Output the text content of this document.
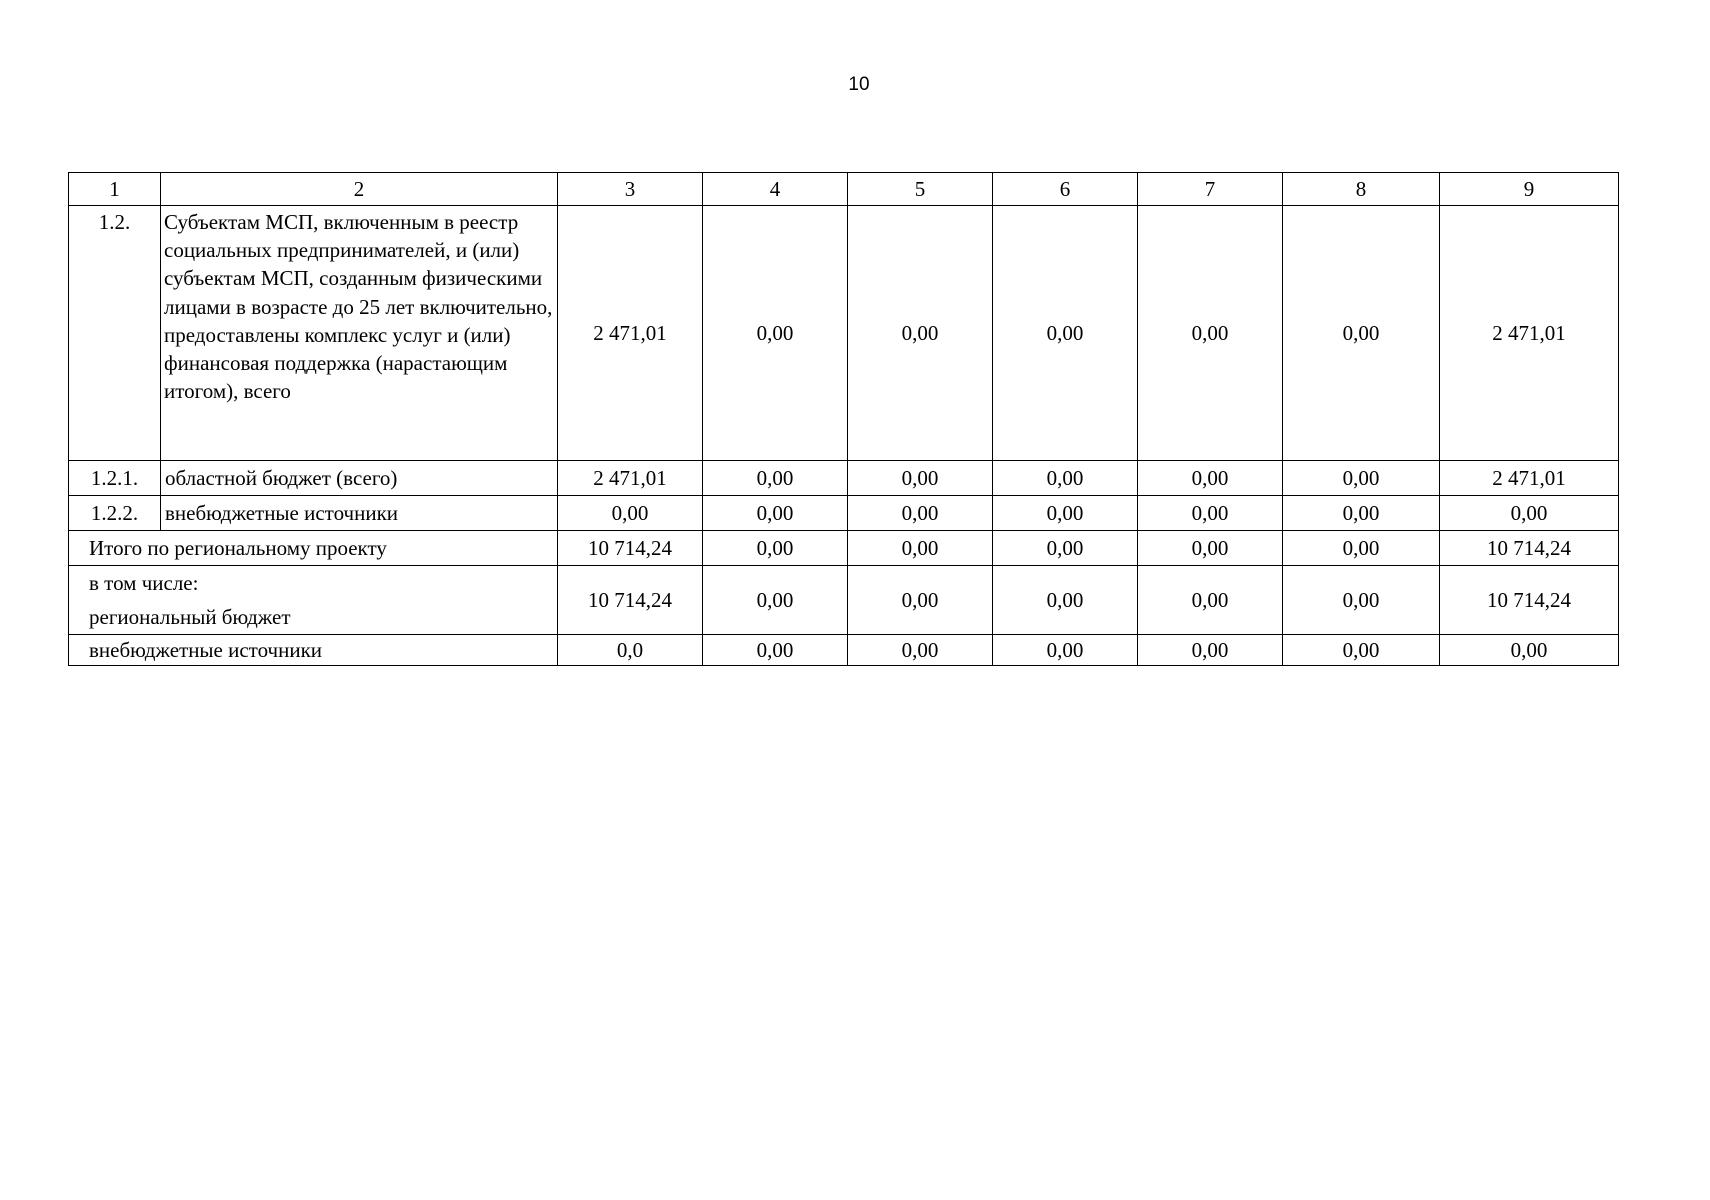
10
1	2	3	4	5	6	7	8	9
1.2.	Субъектам МСП, включенным в реестр социальных предпринимателей, и (или) субъектам МСП, созданным физическими лицами в возрасте до 25 лет включительно, предоставлены комплекс услуг и (или) финансовая поддержка (нарастающим итогом), всего	2 471,01	0,00	0,00	0,00	0,00	0,00	2 471,01
1.2.1.	областной бюджет (всего)	2 471,01	0,00	0,00	0,00	0,00	0,00	2 471,01
1.2.2.	внебюджетные источники	0,00	0,00	0,00	0,00	0,00	0,00	0,00
Итого по региональному проекту		10 714,24	0,00	0,00	0,00	0,00	0,00	10 714,24

в том числе:
региональный бюджет		10 714,24	0,00	0,00	0,00	0,00	0,00	10 714,24
внебюджетные источники		0,0	0,00	0,00	0,00	0,00	0,00	0,00
